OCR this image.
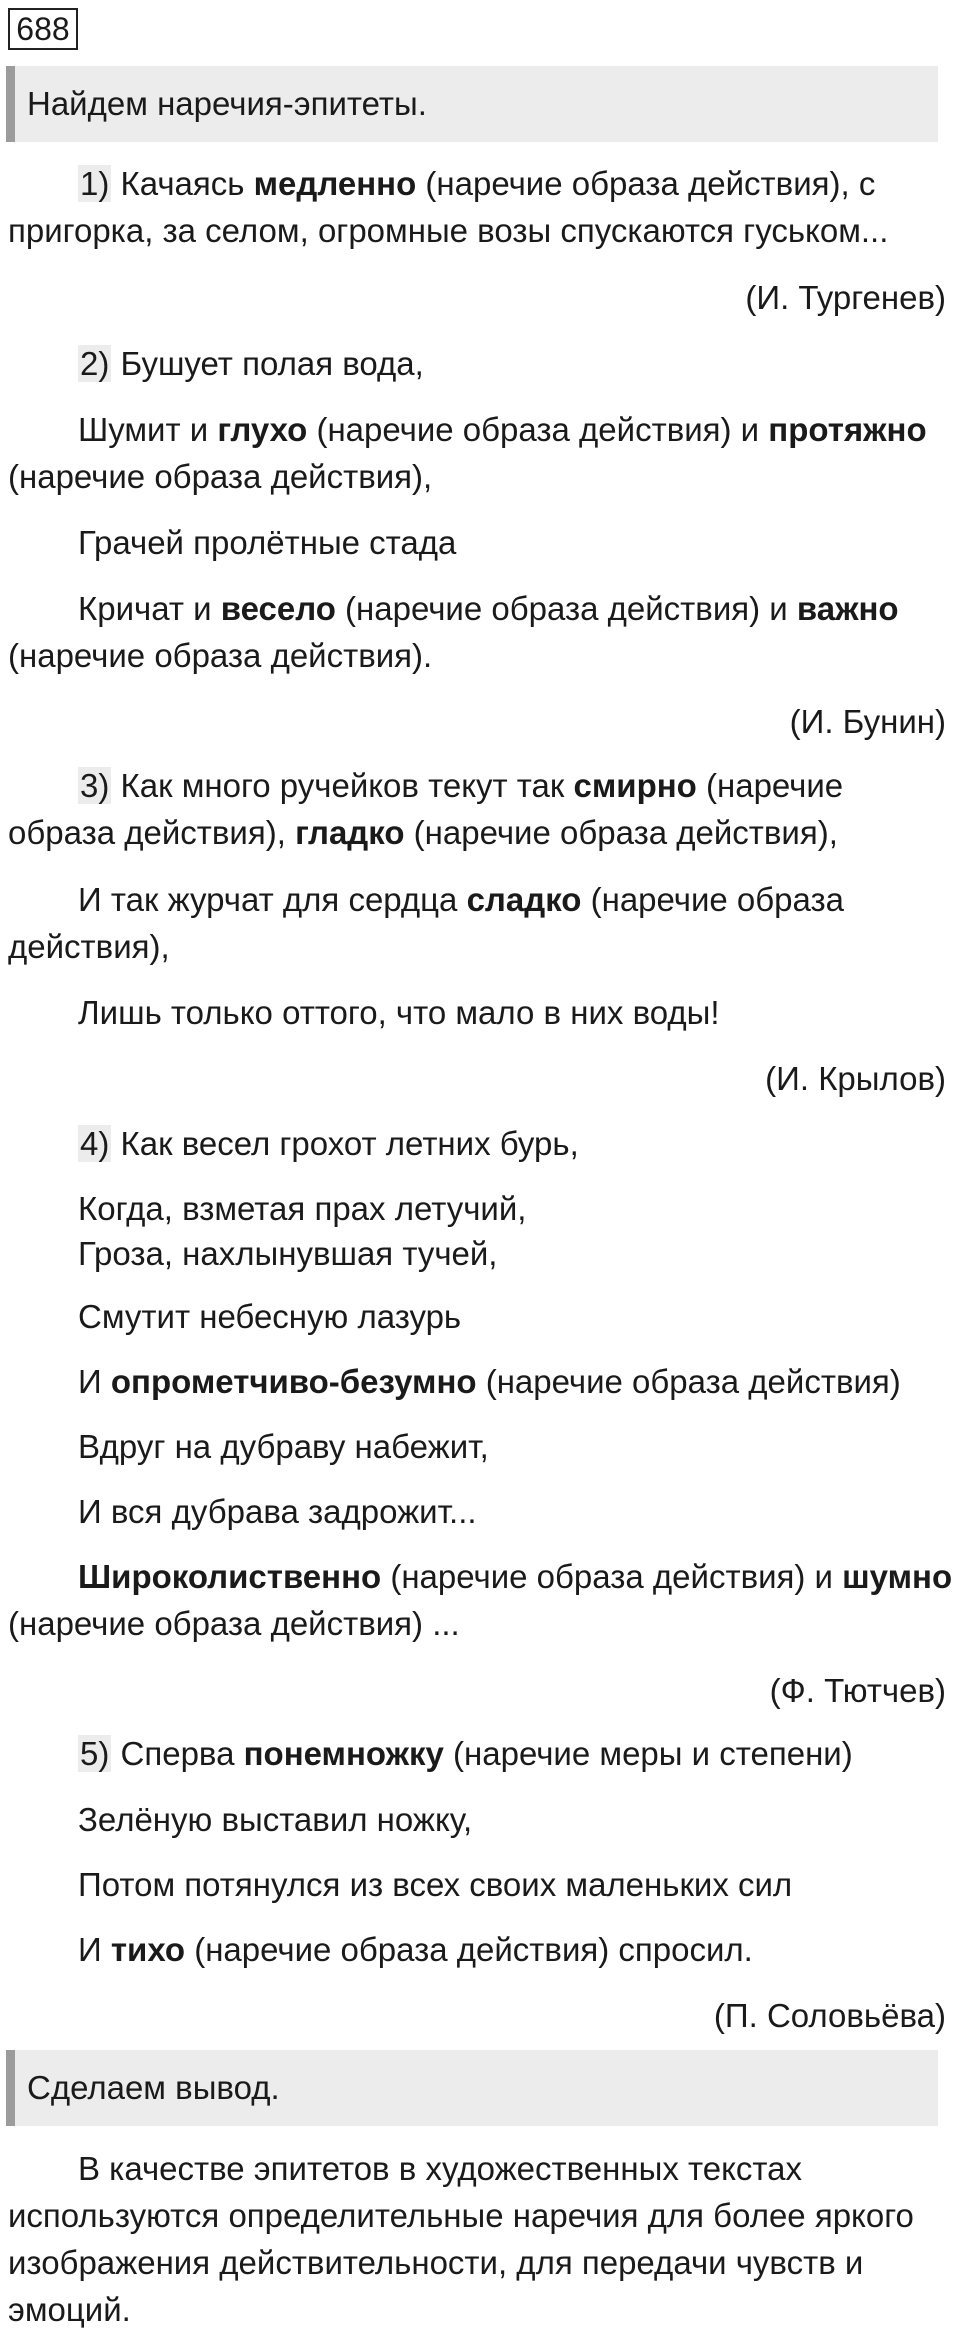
688
Найдем наречия-эпитеты.
1) Качаясь медленно (наречие образа действия), с
пригорка, за селом, огромные возы спускаются гуськом...
(И. Тургенев)
2) Бушует полая вода,
Шумит и глухо (наречие образа действия) и протяжно
(наречие образа действия),
Грачей пролётные стада
Кричат и весело (наречие образа действия) и важно
(наречие образа действия).
(И. Бунин)
3) Как много ручейков текут так смирно (наречие
образа действия), гладко (наречие образа действия),
И так журчат для сердца сладко (наречие образа
действия),
Лишь только оттого, что мало в них воды!
(И. Крылов)
4) Как весел грохот летних бурь,
Когда, взметая прах летучий,
Гроза, нахлынувшая тучей,
Смутит небесную лазурь
И опрометчиво-безумно (наречие образа действия)
Вдруг на дубраву набежит,
И вся дубрава задрожит...
Широколиственно (наречие образа действия) и шумно
(наречие образа действия) ...
(Ф. Тютчев)
5) Сперва понемножку (наречие меры и степени)
Зелёную выставил ножку,
Потом потянулся из всех своих маленьких сил
И тихо (наречие образа действия) спросил.
(П. Соловьёва)
Сделаем вывод.
В качестве эпитетов в художественных текстах
используются определительные наречия для более яркого
изображения действительности, для передачи чувств и
эмоций.
